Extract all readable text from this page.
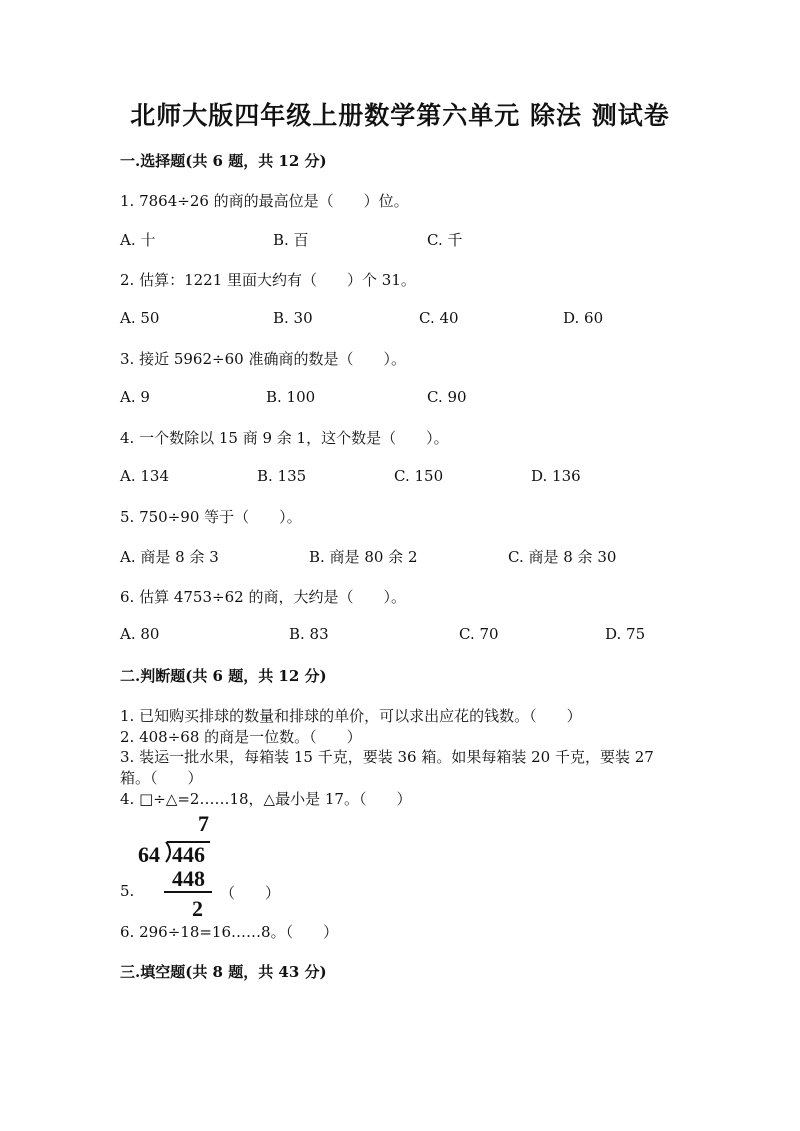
北师大版四年级上册数学第六单元 除法 测试卷
一.选择题(共 6 题，共 12 分)
1. 7864÷26 的商的最高位是（　　）位。
A. 十	B. 百	C. 千
2. 估算：1221 里面大约有（　　）个 31。
A. 50	B. 30	C. 40	D. 60
3. 接近 5962÷60 准确商的数是（　　）。
A. 9	B. 100	C. 90
4. 一个数除以 15 商 9 余 1，这个数是（　　）。
A. 134	B. 135	C. 150	D. 136
5. 750÷90 等于（　　）。
A. 商是 8 余 3	B. 商是 80 余 2	C. 商是 8 余 30
6. 估算 4753÷62 的商，大约是（　　）。
A. 80	B. 83	C. 70	D. 75
二.判断题(共 6 题，共 12 分)
1. 已知购买排球的数量和排球的单价，可以求出应花的钱数。（　　）
2. 408÷68 的商是一位数。（　　）
3. 装运一批水果，每箱装 15 千克，要装 36 箱。如果每箱装 20 千克，要装 27
箱。（　　）
4. □÷△=2……18，△最小是 17。（　　）
7
64 446
448
2
5.	（　　）
6. 296÷18=16……8。（　　）
三.填空题(共 8 题，共 43 分)
